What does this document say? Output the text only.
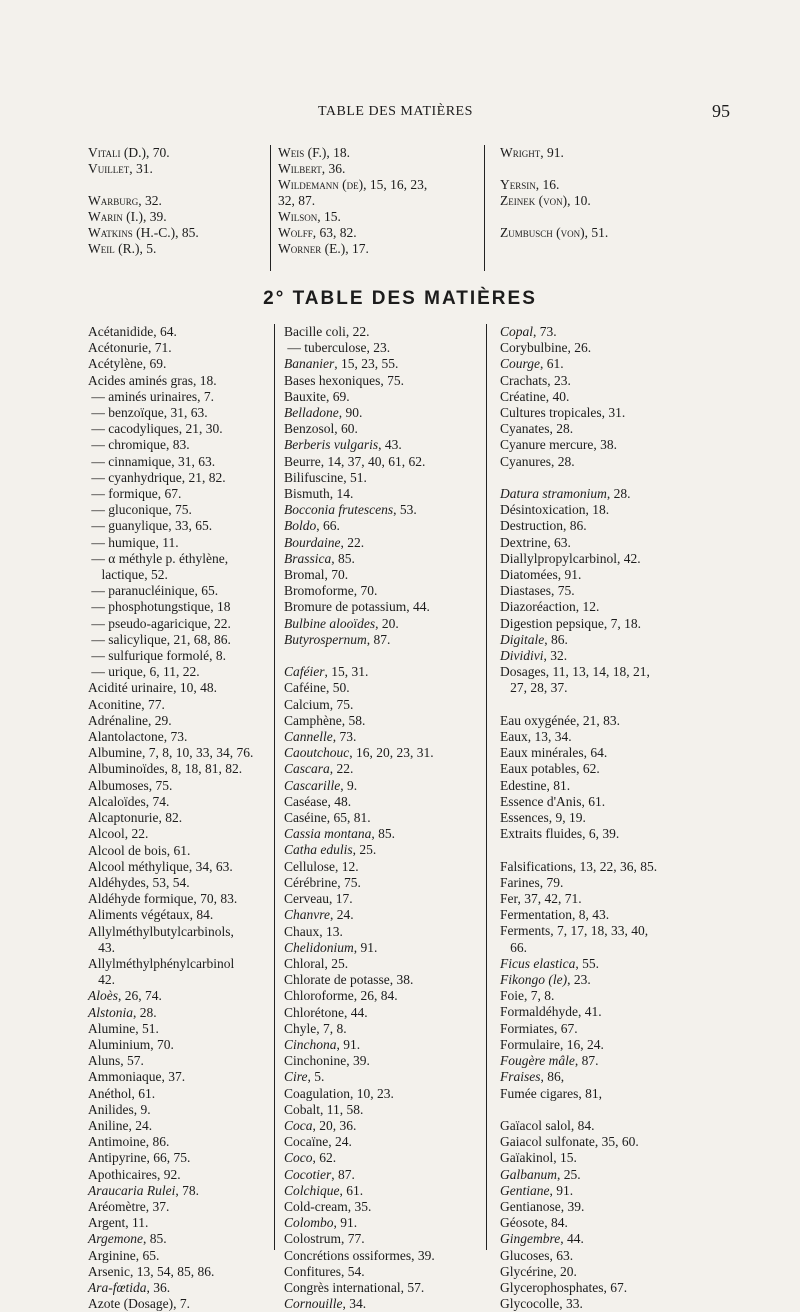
TABLE DES MATIÈRES	95
Vitali (D.), 70.
Vuillet, 31.
Warburg, 32.
Warin (I.), 39.
Watkins (H.-C.), 85.
Weil (R.), 5.
Weis (F.), 18.
Wilbert, 36.
Wildemann (de), 15, 16, 23,
32, 87.
Wilson, 15.
Wolff, 63, 82.
Worner (E.), 17.
Wright, 91.
Yersin, 16.
Zeinek (von), 10.
Zumbusch (von), 51.
2° TABLE DES MATIÈRES
Acétanidide, 64.
Acétonurie, 71.
Acétylène, 69.
Acides aminés gras, 18.
— aminés urinaires, 7.
— benzoïque, 31, 63.
— cacodyliques, 21, 30.
— chromique, 83.
— cinnamique, 31, 63.
— cyanhydrique, 21, 82.
— formique, 67.
— gluconique, 75.
— guanylique, 33, 65.
— humique, 11.
— α méthyle p. éthylène,
lactique, 52.
— paranucléinique, 65.
— phosphotungstique, 18
— pseudo-agaricique, 22.
— salicylique, 21, 68, 86.
— sulfurique formolé, 8.
— urique, 6, 11, 22.
Acidité urinaire, 10, 48.
Aconitine, 77.
Adrénaline, 29.
Alantolactone, 73.
Albumine, 7, 8, 10, 33, 34, 76.
Albuminoïdes, 8, 18, 81, 82.
Albumoses, 75.
Alcaloïdes, 74.
Alcaptonurie, 82.
Alcool, 22.
Alcool de bois, 61.
Alcool méthylique, 34, 63.
Aldéhydes, 53, 54.
Aldéhyde formique, 70, 83.
Aliments végétaux, 84.
Allylméthylbutylcarbinols,
43.
Allylméthylphénylcarbinol
42.
Aloès, 26, 74.
Alstonia, 28.
Alumine, 51.
Aluminium, 70.
Aluns, 57.
Ammoniaque, 37.
Anéthol, 61.
Anilides, 9.
Aniline, 24.
Antimoine, 86.
Antipyrine, 66, 75.
Apothicaires, 92.
Araucaria Rulei, 78.
Aréomètre, 37.
Argent, 11.
Argemone, 85.
Arginine, 65.
Arsenic, 13, 54, 85, 86.
Ara-fœtida, 36.
Azote (Dosage), 7.
Bacille coli, 22.
— tuberculose, 23.
Bananier, 15, 23, 55.
Bases hexoniques, 75.
Bauxite, 69.
Belladone, 90.
Benzosol, 60.
Berberis vulgaris, 43.
Beurre, 14, 37, 40, 61, 62.
Bilifuscine, 51.
Bismuth, 14.
Bocconia frutescens, 53.
Boldo, 66.
Bourdaine, 22.
Brassica, 85.
Bromal, 70.
Bromoforme, 70.
Bromure de potassium, 44.
Bulbine alooïdes, 20.
Butyrospernum, 87.
Caféier, 15, 31.
Caféine, 50.
Calcium, 75.
Camphène, 58.
Cannelle, 73.
Caoutchouc, 16, 20, 23, 31.
Cascara, 22.
Cascarille, 9.
Caséase, 48.
Caséine, 65, 81.
Cassia montana, 85.
Catha edulis, 25.
Cellulose, 12.
Cérébrine, 75.
Cerveau, 17.
Chanvre, 24.
Chaux, 13.
Chelidonium, 91.
Chloral, 25.
Chlorate de potasse, 38.
Chloroforme, 26, 84.
Chlorétone, 44.
Chyle, 7, 8.
Cinchona, 91.
Cinchonine, 39.
Cire, 5.
Coagulation, 10, 23.
Cobalt, 11, 58.
Coca, 20, 36.
Cocaïne, 24.
Coco, 62.
Cocotier, 87.
Colchique, 61.
Cold-cream, 35.
Colombo, 91.
Colostrum, 77.
Concrétions ossiformes, 39.
Confitures, 54.
Congrès international, 57.
Cornouille, 34.
Copal, 73.
Corybulbine, 26.
Courge, 61.
Crachats, 23.
Créatine, 40.
Cultures tropicales, 31.
Cyanates, 28.
Cyanure mercure, 38.
Cyanures, 28.
Datura stramonium, 28.
Désintoxication, 18.
Destruction, 86.
Dextrine, 63.
Diallylpropylcarbinol, 42.
Diatomées, 91.
Diastases, 75.
Diazoréaction, 12.
Digestion pepsique, 7, 18.
Digitale, 86.
Dividivi, 32.
Dosages, 11, 13, 14, 18, 21,
27, 28, 37.
Eau oxygénée, 21, 83.
Eaux, 13, 34.
Eaux minérales, 64.
Eaux potables, 62.
Edestine, 81.
Essence d'Anis, 61.
Essences, 9, 19.
Extraits fluides, 6, 39.
Falsifications, 13, 22, 36, 85.
Farines, 79.
Fer, 37, 42, 71.
Fermentation, 8, 43.
Ferments, 7, 17, 18, 33, 40,
66.
Ficus elastica, 55.
Fikongo (le), 23.
Foie, 7, 8.
Formaldéhyde, 41.
Formiates, 67.
Formulaire, 16, 24.
Fougère mâle, 87.
Fraises, 86,
Fumée cigares, 81,
Gaïacol salol, 84.
Gaiacol sulfonate, 35, 60.
Gaïakinol, 15.
Galbanum, 25.
Gentiane, 91.
Gentianose, 39.
Géosote, 84.
Gingembre, 44.
Glucoses, 63.
Glycérine, 20.
Glycerophosphates, 67.
Glycocolle, 33.
